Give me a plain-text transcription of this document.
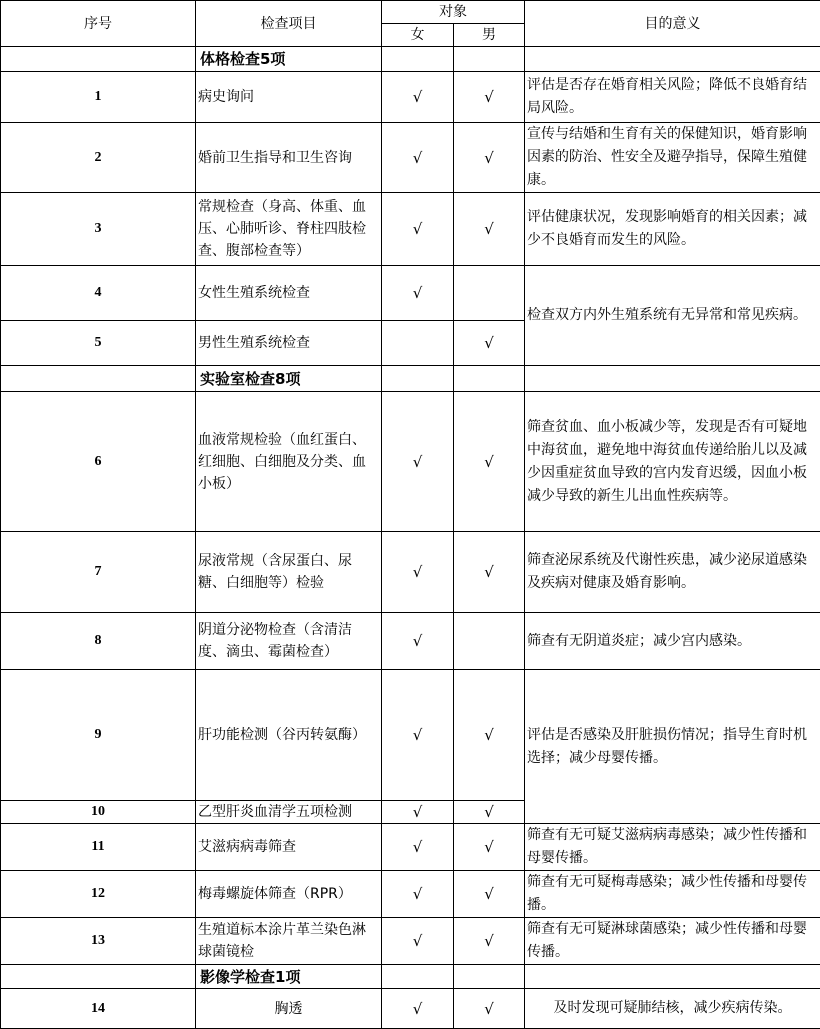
序号	检查项目	对象		目的意义
		女	男	
	体格检查5项			
1	病史询问	√	√	评估是否存在婚育相关风险；降低不良婚育结局风险。
2	婚前卫生指导和卫生咨询	√	√	宣传与结婚和生育有关的保健知识，婚育影响因素的防治、性安全及避孕指导，保障生殖健康。
3	常规检查（身高、体重、血压、心肺听诊、脊柱四肢检查、腹部检查等）	√	√	评估健康状况，发现影响婚育的相关因素；减少不良婚育而发生的风险。
4	女性生殖系统检查	√		检查双方内外生殖系统有无异常和常见疾病。
5	男性生殖系统检查		√	
	实验室检查8项			
6	血液常规检验（血红蛋白、红细胞、白细胞及分类、血小板）	√	√	筛查贫血、血小板减少等，发现是否有可疑地中海贫血，避免地中海贫血传递给胎儿以及减少因重症贫血导致的宫内发育迟缓，因血小板减少导致的新生儿出血性疾病等。
7	尿液常规（含尿蛋白、尿糖、白细胞等）检验	√	√	筛查泌尿系统及代谢性疾患，减少泌尿道感染及疾病对健康及婚育影响。
8	阴道分泌物检查（含清洁度、滴虫、霉菌检查）	√		筛查有无阴道炎症；减少宫内感染。
9	肝功能检测（谷丙转氨酶）	√	√	评估是否感染及肝脏损伤情况；指导生育时机选择；减少母婴传播。
10	乙型肝炎血清学五项检测	√	√	
11	艾滋病病毒筛查	√	√	筛查有无可疑艾滋病病毒感染；减少性传播和母婴传播。
12	梅毒螺旋体筛查（RPR）	√	√	筛查有无可疑梅毒感染；减少性传播和母婴传播。
13	生殖道标本涂片革兰染色淋球菌镜检	√	√	筛查有无可疑淋球菌感染；减少性传播和母婴传播。
	影像学检查1项			
14	胸透	√	√	及时发现可疑肺结核，减少疾病传染。
